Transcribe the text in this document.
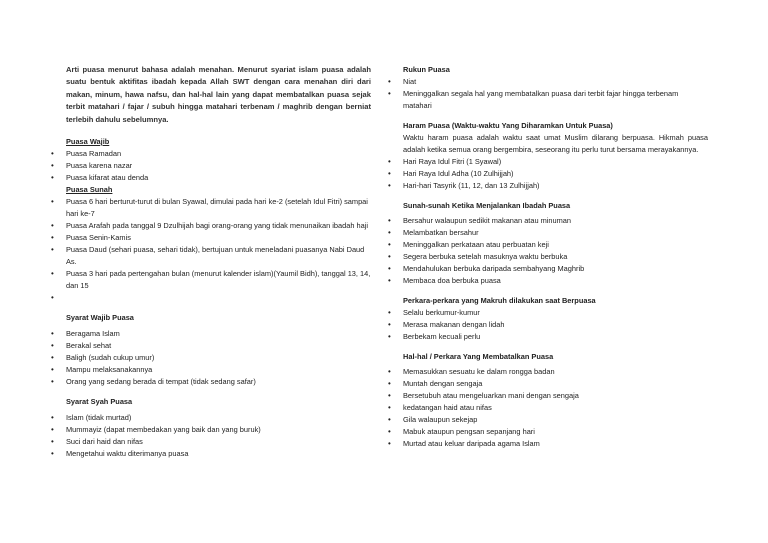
Arti puasa menurut bahasa adalah menahan. Menurut syariat islam puasa adalah suatu bentuk aktifitas ibadah kepada Allah SWT dengan cara menahan diri dari makan, minum, hawa nafsu, dan hal-hal lain yang dapat membatalkan puasa sejak terbit matahari / fajar / subuh hingga matahari terbenam / maghrib dengan berniat terlebih dahulu sebelumnya.

Puasa Wajib
• Puasa Ramadan
• Puasa karena nazar
• Puasa kifarat atau denda
Puasa Sunah
• Puasa 6 hari berturut-turut di bulan Syawal, dimulai pada hari ke-2 (setelah Idul Fitri) sampai hari ke-7
• Puasa Arafah pada tanggal 9 Dzulhijah bagi orang-orang yang tidak menunaikan ibadah haji
• Puasa Senin-Kamis
• Puasa Daud (sehari puasa, sehari tidak), bertujuan untuk meneladani puasanya Nabi Daud As.
• Puasa 3 hari pada pertengahan bulan (menurut kalender islam)(Yaumil Bidh), tanggal 13, 14, dan 15
•
Syarat Wajib Puasa
• Beragama Islam
• Berakal sehat
• Baligh (sudah cukup umur)
• Mampu melaksanakannya
• Orang yang sedang berada di tempat (tidak sedang safar)
Syarat Syah Puasa
• Islam (tidak murtad)
• Mummayiz (dapat membedakan yang baik dan yang buruk)
• Suci dari haid dan nifas
• Mengetahui waktu diterimanya puasa
Rukun Puasa
• Niat
• Meninggalkan segala hal yang membatalkan puasa dari terbit fajar hingga terbenam matahari
Haram Puasa (Waktu-waktu Yang Diharamkan Untuk Puasa)

Waktu haram puasa adalah waktu saat umat Muslim dilarang berpuasa. Hikmah puasa adalah ketika semua orang bergembira, seseorang itu perlu turut bersama merayakannya.

• Hari Raya Idul Fitri (1 Syawal)
• Hari Raya Idul Adha (10 Zulhijjah)
• Hari-hari Tasyrik (11, 12, dan 13 Zulhijjah)
Sunah-sunah Ketika Menjalankan Ibadah Puasa
• Bersahur walaupun sedikit makanan atau minuman
• Melambatkan bersahur
• Meninggalkan perkataan atau perbuatan keji
• Segera berbuka setelah masuknya waktu berbuka
• Mendahulukan berbuka daripada sembahyang Maghrib
• Membaca doa berbuka puasa
Perkara-perkara yang Makruh dilakukan saat Berpuasa
• Selalu berkumur-kumur
• Merasa makanan dengan lidah
• Berbekam kecuali perlu
Hal-hal / Perkara Yang Membatalkan Puasa
• Memasukkan sesuatu ke dalam rongga badan
• Muntah dengan sengaja
• Bersetubuh atau mengeluarkan mani dengan sengaja
• kedatangan haid atau nifas
• Gila walaupun sekejap
• Mabuk ataupun pengsan sepanjang hari
• Murtad atau keluar daripada agama Islam
